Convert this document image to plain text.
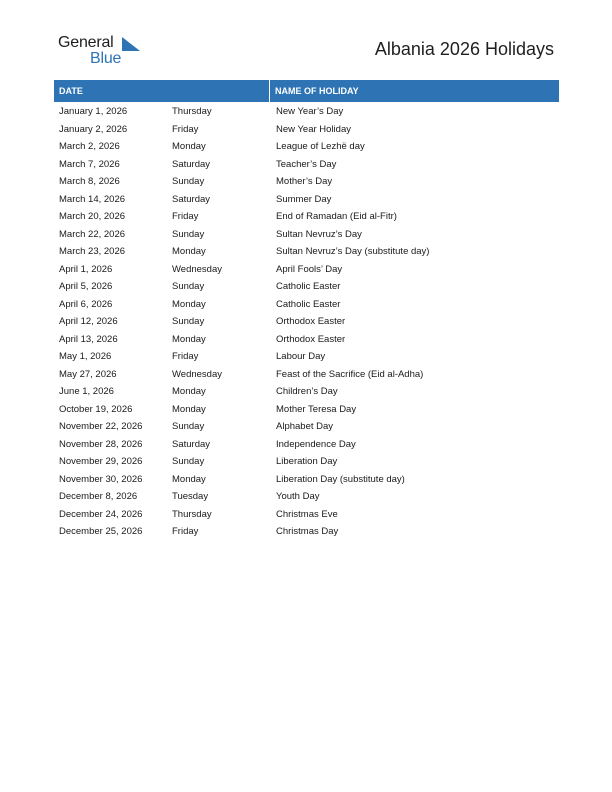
General
Blue	Albania 2026 Holidays
DATE	NAME OF HOLIDAY
January 1, 2026	Thursday	New Year’s Day
January 2, 2026	Friday	New Year Holiday
March 2, 2026	Monday	League of Lezhë day
March 7, 2026	Saturday	Teacher’s Day
March 8, 2026	Sunday	Mother’s Day
March 14, 2026	Saturday	Summer Day
March 20, 2026	Friday	End of Ramadan (Eid al-Fitr)
March 22, 2026	Sunday	Sultan Nevruz’s Day
March 23, 2026	Monday	Sultan Nevruz’s Day (substitute day)
April 1, 2026	Wednesday	April Fools’ Day
April 5, 2026	Sunday	Catholic Easter
April 6, 2026	Monday	Catholic Easter
April 12, 2026	Sunday	Orthodox Easter
April 13, 2026	Monday	Orthodox Easter
May 1, 2026	Friday	Labour Day
May 27, 2026	Wednesday	Feast of the Sacrifice (Eid al-Adha)
June 1, 2026	Monday	Children’s Day
October 19, 2026	Monday	Mother Teresa Day
November 22, 2026	Sunday	Alphabet Day
November 28, 2026	Saturday	Independence Day
November 29, 2026	Sunday	Liberation Day
November 30, 2026	Monday	Liberation Day (substitute day)
December 8, 2026	Tuesday	Youth Day
December 24, 2026	Thursday	Christmas Eve
December 25, 2026	Friday	Christmas Day
